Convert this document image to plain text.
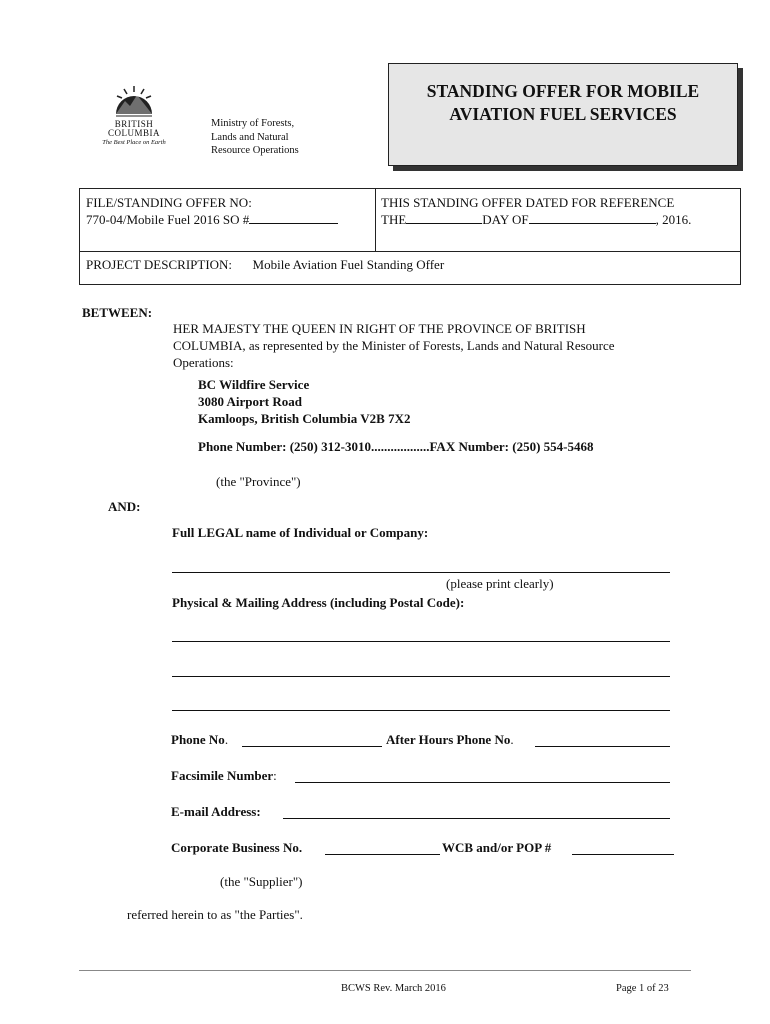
BRITISH
COLUMBIA
The Best Place on Earth
Ministry of Forests,
Lands and Natural
Resource Operations
STANDING OFFER FOR MOBILE
AVIATION FUEL SERVICES
FILE/STANDING OFFER NO:
770-04/Mobile Fuel 2016 SO #
THIS STANDING OFFER DATED FOR REFERENCE
THE	DAY OF	, 2016.
PROJECT DESCRIPTION: Mobile Aviation Fuel Standing Offer
BETWEEN:
HER MAJESTY THE QUEEN IN RIGHT OF THE PROVINCE OF BRITISH
COLUMBIA, as represented by the Minister of Forests, Lands and Natural Resource
Operations:
BC Wildfire Service
3080 Airport Road
Kamloops, British Columbia V2B 7X2
Phone Number: (250) 312-3010..................FAX Number: (250) 554-5468
(the "Province")
AND:
Full LEGAL name of Individual or Company:
(please print clearly)
Physical & Mailing Address (including Postal Code):
Phone No.	After Hours Phone No.
Facsimile Number:
E-mail Address:
Corporate Business No.	WCB and/or POP #
(the "Supplier")
referred herein to as "the Parties".
BCWS Rev. March 2016	Page 1 of 23
